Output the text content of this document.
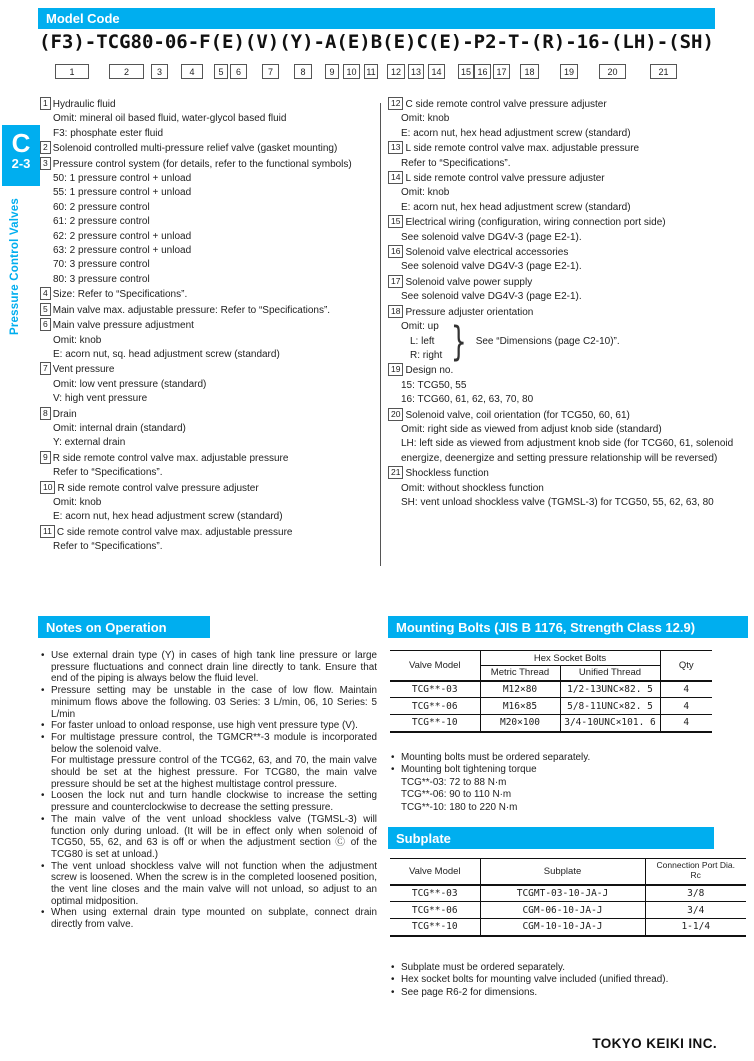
C
2-3
Pressure Control Valves
Model Code
(F3)-TCG80-06-F(E)(V)(Y)-A(E)B(E)C(E)-P2-T-(R)-16-(LH)-(SH)
1	2	3	4	5	6	7	8	9	10	11	12	13	14	15 16 17	18	19	20	21
1 Hydraulic fluid
Omit: mineral oil based fluid, water-glycol based fluid
F3: phosphate ester fluid
2 Solenoid controlled multi-pressure relief valve (gasket mounting)
3 Pressure control system (for details, refer to the functional symbols)
50: 1 pressure control + unload
55: 1 pressure control + unload
60: 2 pressure control
61: 2 pressure control
62: 2 pressure control + unload
63: 2 pressure control + unload
70: 3 pressure control
80: 3 pressure control
4 Size: Refer to “Specifications”.
5 Main valve max. adjustable pressure: Refer to “Specifications”.
6 Main valve pressure adjustment
Omit: knob
E: acorn nut, sq. head adjustment screw (standard)
7 Vent pressure
Omit: low vent pressure (standard)
V: high vent pressure
8 Drain
Omit: internal drain (standard)
Y: external drain
9 R side remote control valve max. adjustable pressure
Refer to “Specifications”.
10 R side remote control valve pressure adjuster
Omit: knob
E: acorn nut, hex head adjustment screw (standard)
11 C side remote control valve max. adjustable pressure
Refer to “Specifications”.
12 C side remote control valve pressure adjuster
Omit: knob
E: acorn nut, hex head adjustment screw (standard)
13 L side remote control valve max. adjustable pressure
Refer to “Specifications”.
14 L side remote control valve pressure adjuster
Omit: knob
E: acorn nut, hex head adjustment screw (standard)
15 Electrical wiring (configuration, wiring connection port side)
See solenoid valve DG4V-3 (page E2-1).
16 Solenoid valve electrical accessories
See solenoid valve DG4V-3 (page E2-1).
17 Solenoid valve power supply
See solenoid valve DG4V-3 (page E2-1).
18 Pressure adjuster orientation
Omit: up
L: left
R: right } See “Dimensions (page C2-10)”.
19 Design no.
15: TCG50, 55
16: TCG60, 61, 62, 63, 70, 80
20 Solenoid valve, coil orientation (for TCG50, 60, 61)
Omit: right side as viewed from adjust knob side (standard)
LH: left side as viewed from adjustment knob side (for TCG60, 61, solenoid energize, deenergize and setting pressure relationship will be reversed)
21 Shockless function
Omit: without shockless function
SH: vent unload shockless valve (TGMSL-3) for TCG50, 55, 62, 63, 80
Notes on Operation
• Use external drain type (Y) in cases of high tank line pressure or large pressure fluctuations and connect drain line directly to tank. Ensure that end of the piping is always below the fluid level.
• Pressure setting may be unstable in the case of low flow. Maintain minimum flows above the following. 03 Series: 3 L/min, 06, 10 Series: 5 L/min
• For faster unload to onload response, use high vent pressure type (V).
• For multistage pressure control, the TGMCR**-3 module is incorporated below the solenoid valve.
For multistage pressure control of the TCG62, 63, and 70, the main valve should be set at the highest pressure. For TCG80, the main valve pressure should be set at the highest multistage control pressure.
• Loosen the lock nut and turn handle clockwise to increase the setting pressure and counterclockwise to decrease the setting pressure.
• The main valve of the vent unload shockless valve (TGMSL-3) will function only during unload. (It will be in effect only when solenoid of TCG50, 55, 62, and 63 is off or when the adjustment section Ⓒ of the TCG80 is set at unload.)
• The vent unload shockless valve will not function when the adjustment screw is loosened. When the screw is in the completed loosened position, the vent line closes and the main valve will not unload, so adjust to an optimal midposition.
• When using external drain type mounted on subplate, connect drain directly from valve.
Mounting Bolts (JIS B 1176, Strength Class 12.9)
Valve Model	Hex Socket Bolts		Qty
	Metric Thread	Unified Thread	
TCG**-03	M12×80	1/2-13UNC×82. 5	4
TCG**-06	M16×85	5/8-11UNC×82. 5	4
TCG**-10	M20×100	3/4-10UNC×101. 6	4
• Mounting bolts must be ordered separately.
• Mounting bolt tightening torque
TCG**-03: 72 to 88 N·m
TCG**-06: 90 to 110 N·m
TCG**-10: 180 to 220 N·m
Subplate
Valve Model	Subplate	Connection Port Dia.
Rc
TCG**-03	TCGMT-03-10-JA-J	3/8
TCG**-06	CGM-06-10-JA-J	3/4
TCG**-10	CGM-10-10-JA-J	1-1/4
• Subplate must be ordered separately.
• Hex socket bolts for mounting valve included (unified thread).
• See page R6-2 for dimensions.
TOKYO KEIKI INC.
